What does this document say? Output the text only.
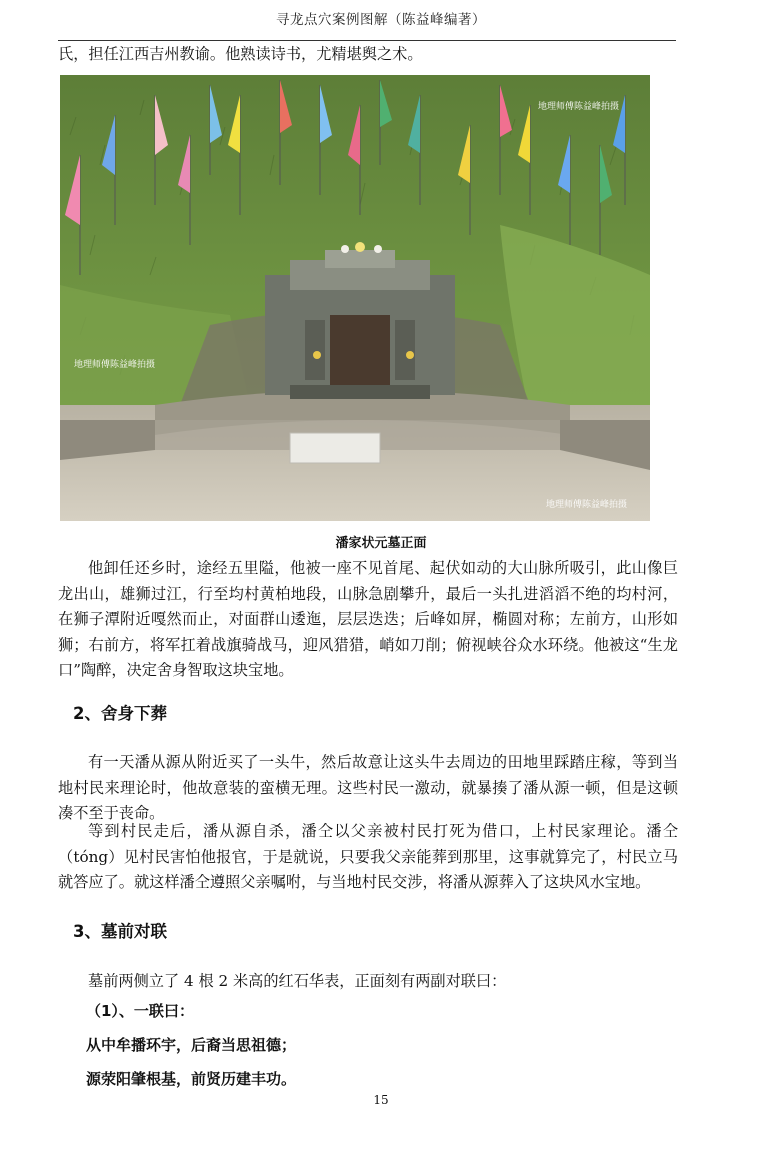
寻龙点穴案例图解（陈益峰编著）

氏，担任江西吉州教谕。他熟读诗书，尤精堪舆之术。

地理师傅陈益峰拍摄
地理师傅陈益峰拍摄
地理师傅陈益峰拍摄
潘家状元墓正面

他卸任还乡时，途经五里隘，他被一座不见首尾、起伏如动的大山脉所吸引，此山像巨龙出山，雄狮过江，行至均村黄柏地段，山脉急剧攀升，最后一头扎进滔滔不绝的均村河，在狮子潭附近嘎然而止，对面群山逶迤，层层迭迭；后峰如屏，椭圆对称；左前方，山形如狮；右前方，将军扛着战旗骑战马，迎风猎猎，峭如刀削；俯视峡谷众水环绕。他被这“生龙口”陶醉，决定舍身智取这块宝地。

2、舍身下葬

有一天潘从源从附近买了一头牛，然后故意让这头牛去周边的田地里踩踏庄稼，等到当地村民来理论时，他故意装的蛮横无理。这些村民一激动，就暴揍了潘从源一顿，但是这顿凑不至于丧命。

等到村民走后，潘从源自杀，潘仝以父亲被村民打死为借口，上村民家理论。潘仝（tóng）见村民害怕他报官，于是就说，只要我父亲能葬到那里，这事就算完了，村民立马就答应了。就这样潘仝遵照父亲嘱咐，与当地村民交涉，将潘从源葬入了这块风水宝地。

3、墓前对联

墓前两侧立了 4 根 2 米高的红石华表，正面刻有两副对联曰：

（1）、一联曰：

从中牟播环宇，后裔当思祖德；

源荥阳肇根基，前贤历建丰功。

15
